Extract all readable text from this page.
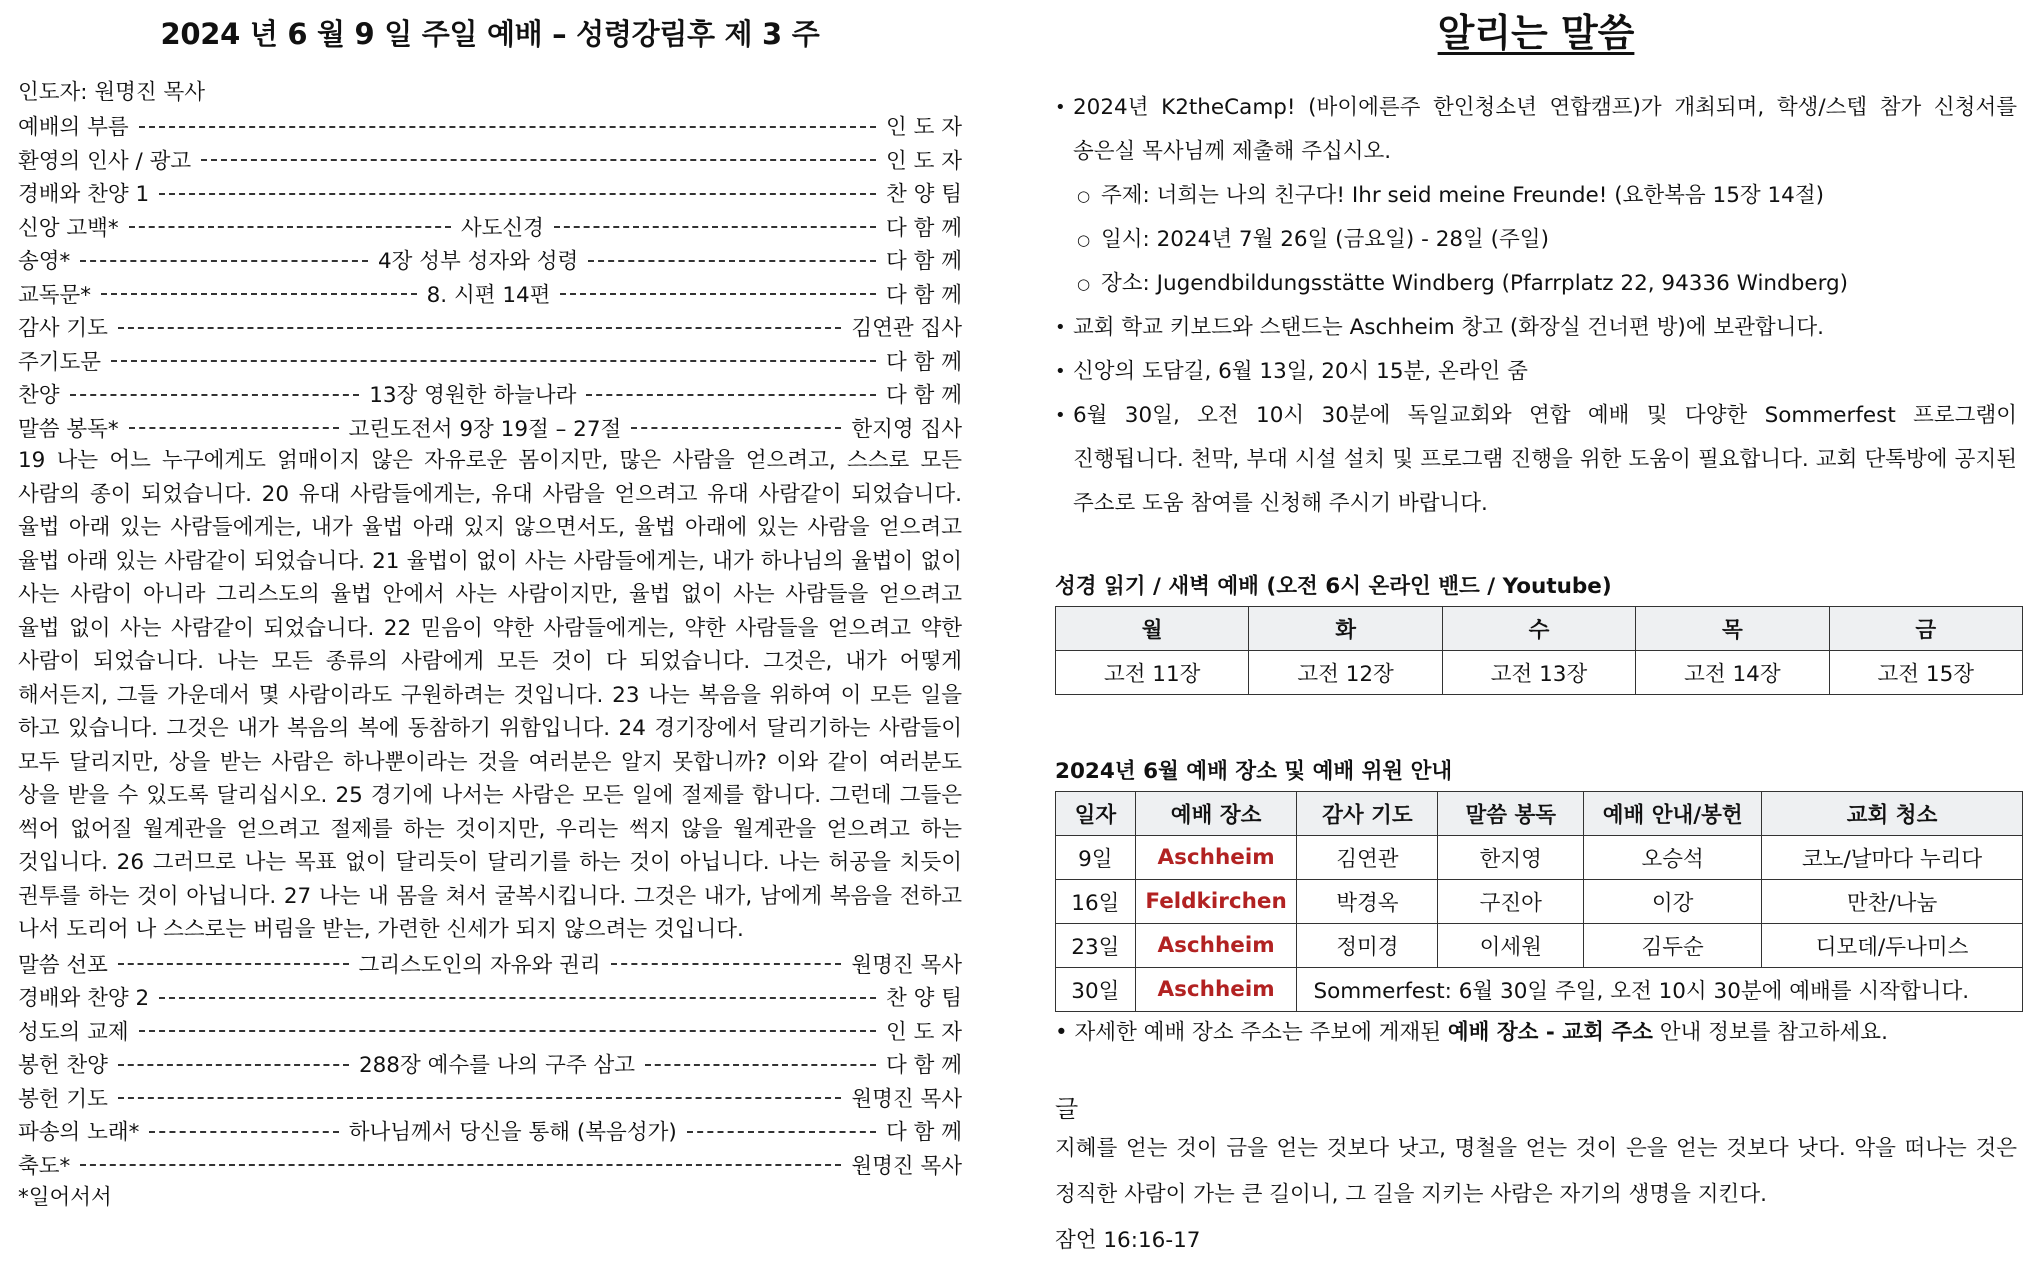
2024 년 6 월 9 일 주일 예배 – 성령강림후 제 3 주
인도자: 원명진 목사
예배의 부름	인 도 자
환영의 인사 / 광고	인 도 자
경배와 찬양 1	찬 양 팀
신앙 고백*	사도신경	다 함 께
송영*	4장 성부 성자와 성령	다 함 께
교독문*	8. 시편 14편	다 함 께
감사 기도	김연관 집사
주기도문	다 함 께
찬양	13장 영원한 하늘나라	다 함 께
말씀 봉독*	고린도전서 9장 19절 – 27절	한지영 집사
19 나는 어느 누구에게도 얽매이지 않은 자유로운 몸이지만, 많은 사람을 얻으려고, 스스로 모든 사람의 종이 되었습니다. 20 유대 사람들에게는, 유대 사람을 얻으려고 유대 사람같이 되었습니다. 율법 아래 있는 사람들에게는, 내가 율법 아래 있지 않으면서도, 율법 아래에 있는 사람을 얻으려고 율법 아래 있는 사람같이 되었습니다. 21 율법이 없이 사는 사람들에게는, 내가 하나님의 율법이 없이 사는 사람이 아니라 그리스도의 율법 안에서 사는 사람이지만, 율법 없이 사는 사람들을 얻으려고 율법 없이 사는 사람같이 되었습니다. 22 믿음이 약한 사람들에게는, 약한 사람들을 얻으려고 약한 사람이 되었습니다. 나는 모든 종류의 사람에게 모든 것이 다 되었습니다. 그것은, 내가 어떻게 해서든지, 그들 가운데서 몇 사람이라도 구원하려는 것입니다. 23 나는 복음을 위하여 이 모든 일을 하고 있습니다. 그것은 내가 복음의 복에 동참하기 위함입니다. 24 경기장에서 달리기하는 사람들이 모두 달리지만, 상을 받는 사람은 하나뿐이라는 것을 여러분은 알지 못합니까? 이와 같이 여러분도 상을 받을 수 있도록 달리십시오. 25 경기에 나서는 사람은 모든 일에 절제를 합니다. 그런데 그들은 썩어 없어질 월계관을 얻으려고 절제를 하는 것이지만, 우리는 썩지 않을 월계관을 얻으려고 하는 것입니다. 26 그러므로 나는 목표 없이 달리듯이 달리기를 하는 것이 아닙니다. 나는 허공을 치듯이 권투를 하는 것이 아닙니다. 27 나는 내 몸을 쳐서 굴복시킵니다. 그것은 내가, 남에게 복음을 전하고 나서 도리어 나 스스로는 버림을 받는, 가련한 신세가 되지 않으려는 것입니다.
말씀 선포	그리스도인의 자유와 권리	원명진 목사
경배와 찬양 2	찬 양 팀
성도의 교제	인 도 자
봉헌 찬양	288장 예수를 나의 구주 삼고	다 함 께
봉헌 기도	원명진 목사
파송의 노래*	하나님께서 당신을 통해 (복음성가)	다 함 께
축도*	원명진 목사
*일어서서
알리는 말씀
• 2024년 K2theCamp! (바이에른주 한인청소년 연합캠프)가 개최되며, 학생/스텝 참가 신청서를 송은실 목사님께 제출해 주십시오.
○ 주제: 너희는 나의 친구다! Ihr seid meine Freunde! (요한복음 15장 14절)
○ 일시: 2024년 7월 26일 (금요일) - 28일 (주일)
○ 장소: Jugendbildungsstätte Windberg (Pfarrplatz 22, 94336 Windberg)
• 교회 학교 키보드와 스탠드는 Aschheim 창고 (화장실 건너편 방)에 보관합니다.
• 신앙의 도담길, 6월 13일, 20시 15분, 온라인 줌
• 6월 30일, 오전 10시 30분에 독일교회와 연합 예배 및 다양한 Sommerfest 프로그램이 진행됩니다. 천막, 부대 시설 설치 및 프로그램 진행을 위한 도움이 필요합니다. 교회 단톡방에 공지된 주소로 도움 참여를 신청해 주시기 바랍니다.
성경 읽기 / 새벽 예배 (오전 6시 온라인 밴드 / Youtube)
월	화	수	목	금
고전 11장	고전 12장	고전 13장	고전 14장	고전 15장
2024년 6월 예배 장소 및 예배 위원 안내
일자	예배 장소	감사 기도	말씀 봉독	예배 안내/봉헌	교회 청소
9일	Aschheim	김연관	한지영	오승석	코노/날마다 누리다
16일	Feldkirchen	박경옥	구진아	이강	만찬/나눔
23일	Aschheim	정미경	이세원	김두순	디모데/두나미스
30일	Aschheim	Sommerfest: 6월 30일 주일, 오전 10시 30분에 예배를 시작합니다.			
• 자세한 예배 장소 주소는 주보에 게재된 예배 장소 - 교회 주소 안내 정보를 참고하세요.
글
지혜를 얻는 것이 금을 얻는 것보다 낫고, 명철을 얻는 것이 은을 얻는 것보다 낫다. 악을 떠나는 것은 정직한 사람이 가는 큰 길이니, 그 길을 지키는 사람은 자기의 생명을 지킨다.
잠언 16:16-17
